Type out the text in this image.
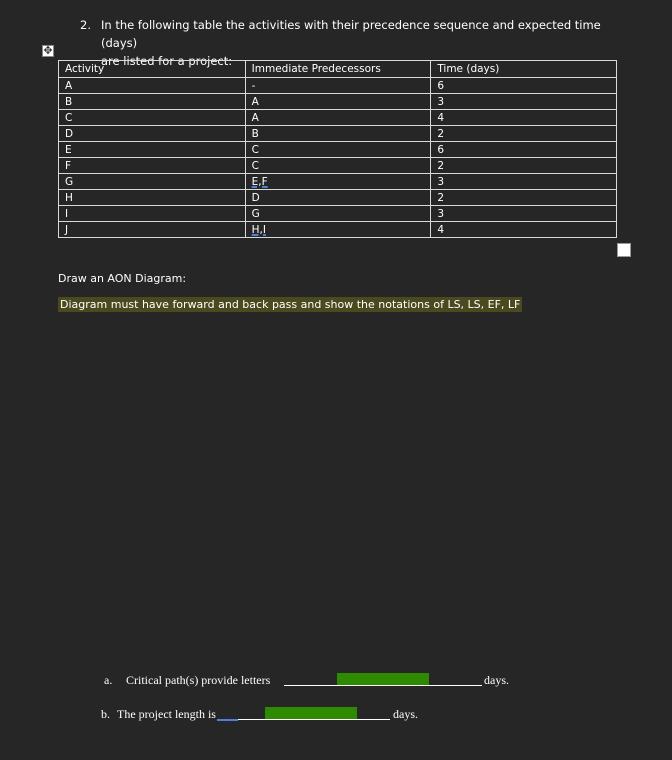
2. In the following table the activities with their precedence sequence and expected time (days)
are listed for a project:
✥
Activity	Immediate Predecessors	Time (days)
A	-	6
B	A	3
C	A	4
D	B	2
E	C	6
F	C	2
G	E,F	3
H	D	2
I	G	3
J	H,I	4
Draw an AON Diagram:
Diagram must have forward and back pass and show the notations of LS, LS, EF, LF
a. Critical path(s) provide letters	days.
b. The project length is	days.
